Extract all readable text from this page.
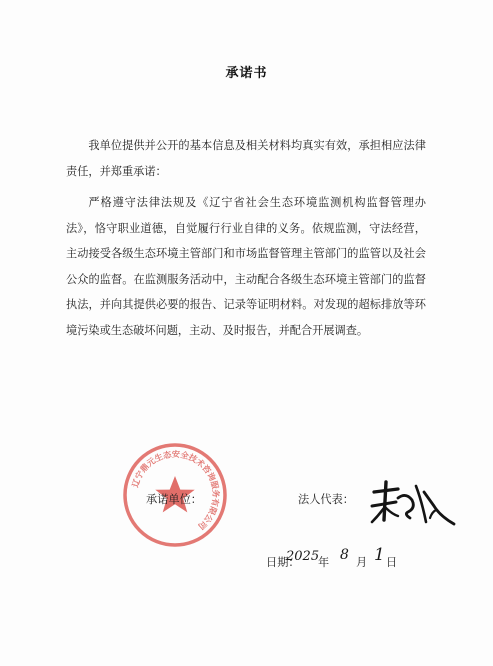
承诺书

我单位提供并公开的基本信息及相关材料均真实有效，承担相应法律责任，并郑重承诺：

严格遵守法律法规及《辽宁省社会生态环境监测机构监督管理办法》，恪守职业道德，自觉履行行业自律的义务。依规监测，守法经营，主动接受各级生态环境主管部门和市场监督管理主管部门的监管以及社会公众的监督。在监测服务活动中，主动配合各级生态环境主管部门的监督执法，并向其提供必要的报告、记录等证明材料。对发现的超标排放等环境污染或生态破坏问题，主动、及时报告，并配合开展调查。

辽宁鼎元生态安全技术咨询服务有限公司
承诺单位：	法人代表：
日期：
2025
年 8 月 1 日
